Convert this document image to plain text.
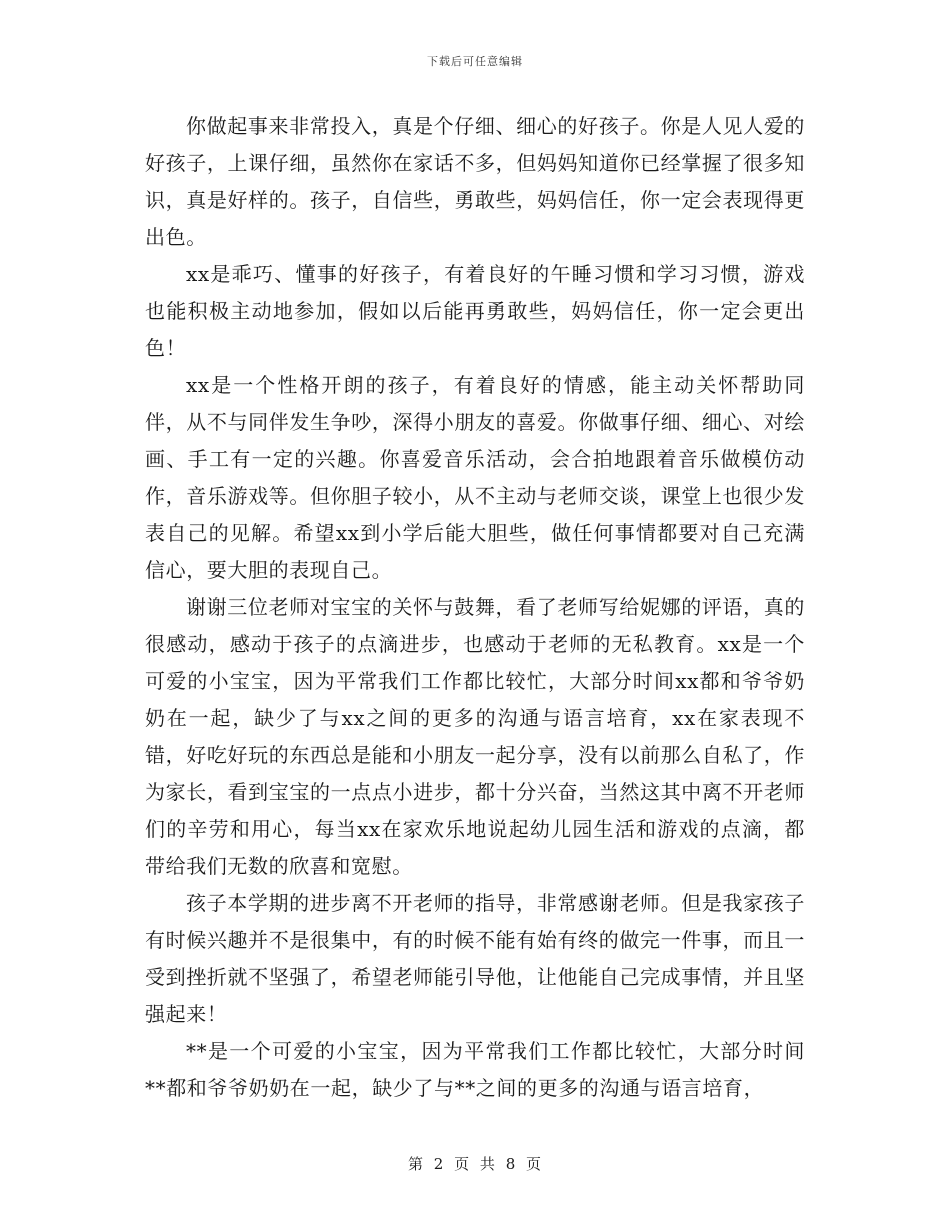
下载后可任意编辑

你做起事来非常投入，真是个仔细、细心的好孩子。你是人见人爱的好孩子，上课仔细，虽然你在家话不多，但妈妈知道你已经掌握了很多知识，真是好样的。孩子，自信些，勇敢些，妈妈信任，你一定会表现得更出色。

xx是乖巧、懂事的好孩子，有着良好的午睡习惯和学习习惯，游戏也能积极主动地参加，假如以后能再勇敢些，妈妈信任，你一定会更出色！

xx是一个性格开朗的孩子，有着良好的情感，能主动关怀帮助同伴，从不与同伴发生争吵，深得小朋友的喜爱。你做事仔细、细心、对绘画、手工有一定的兴趣。你喜爱音乐活动，会合拍地跟着音乐做模仿动作，音乐游戏等。但你胆子较小，从不主动与老师交谈，课堂上也很少发表自己的见解。希望xx到小学后能大胆些，做任何事情都要对自己充满信心，要大胆的表现自己。

谢谢三位老师对宝宝的关怀与鼓舞，看了老师写给妮娜的评语，真的很感动，感动于孩子的点滴进步，也感动于老师的无私教育。xx是一个可爱的小宝宝，因为平常我们工作都比较忙，大部分时间xx都和爷爷奶奶在一起，缺少了与xx之间的更多的沟通与语言培育，xx在家表现不错，好吃好玩的东西总是能和小朋友一起分享，没有以前那么自私了，作为家长，看到宝宝的一点点小进步，都十分兴奋，当然这其中离不开老师们的辛劳和用心，每当xx在家欢乐地说起幼儿园生活和游戏的点滴，都带给我们无数的欣喜和宽慰。

孩子本学期的进步离不开老师的指导，非常感谢老师。但是我家孩子有时候兴趣并不是很集中，有的时候不能有始有终的做完一件事，而且一受到挫折就不坚强了，希望老师能引导他，让他能自己完成事情，并且坚强起来！

**是一个可爱的小宝宝，因为平常我们工作都比较忙，大部分时间**都和爷爷奶奶在一起，缺少了与**之间的更多的沟通与语言培育，

第 2 页 共 8 页
